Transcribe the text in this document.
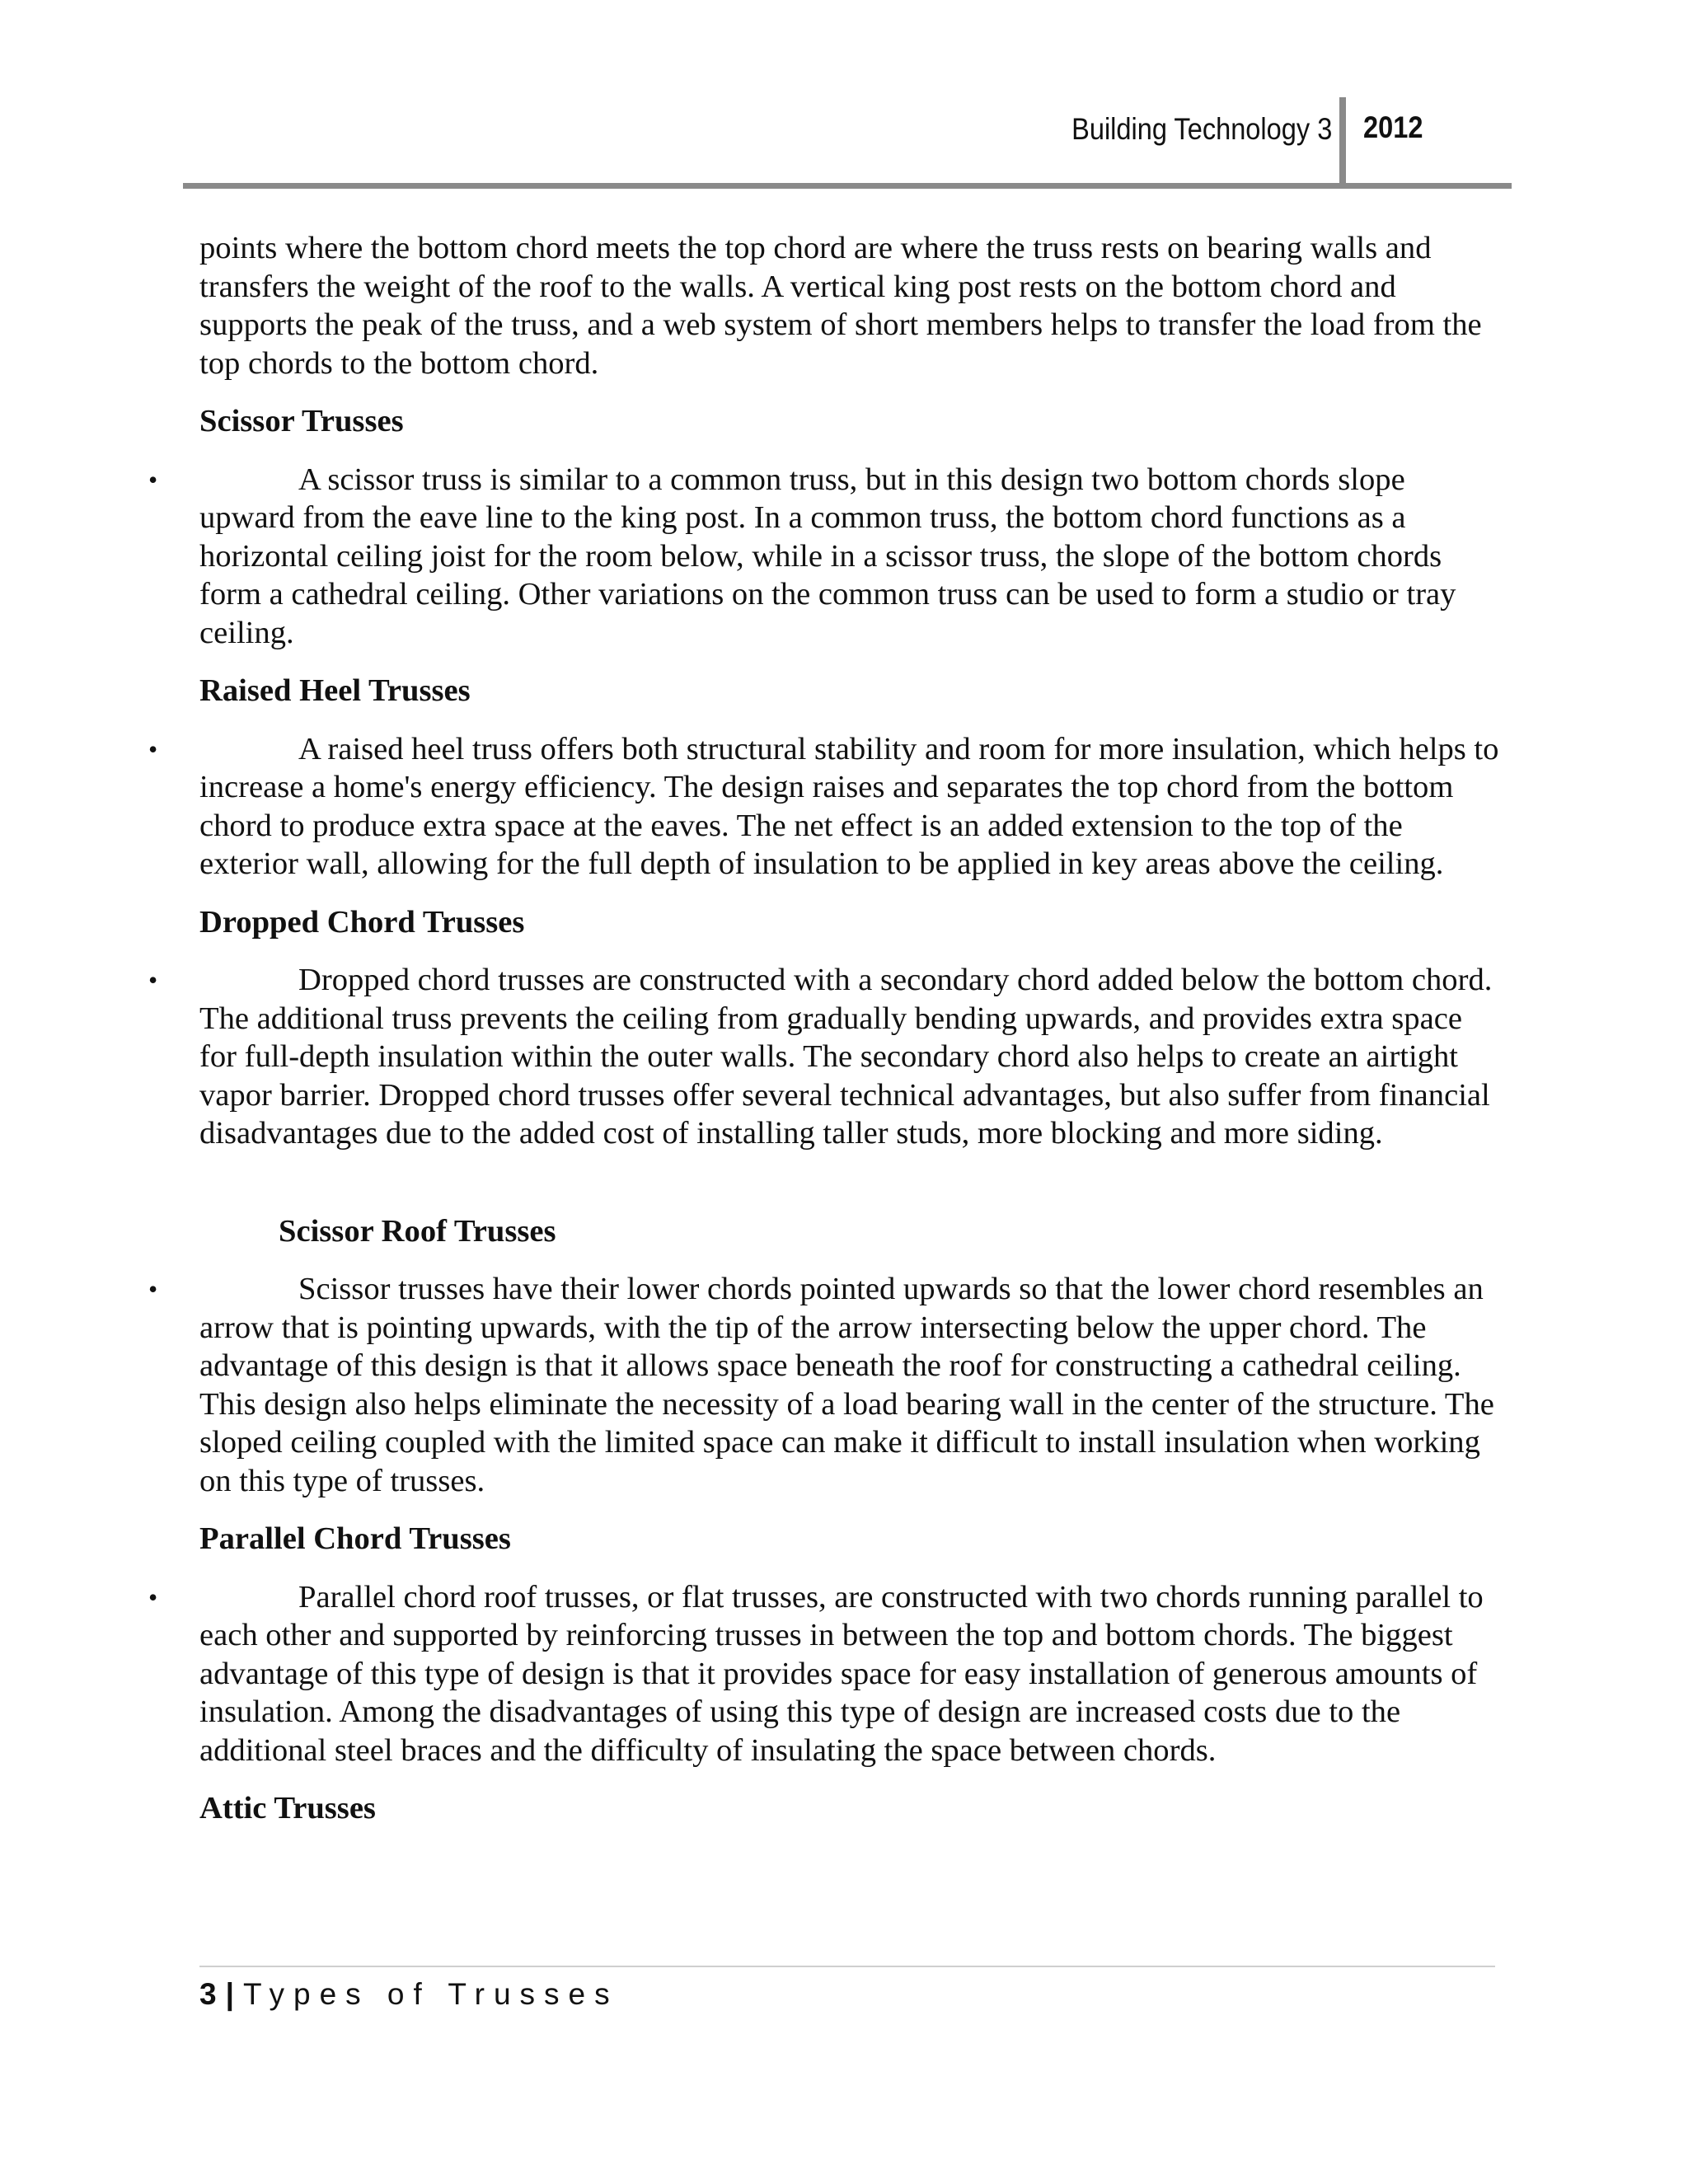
Building Technology 3 2012

points where the bottom chord meets the top chord are where the truss rests on bearing walls and transfers the weight of the roof to the walls. A vertical king post rests on the bottom chord and supports the peak of the truss, and a web system of short members helps to transfer the load from the top chords to the bottom chord.

Scissor Trusses

•	A scissor truss is similar to a common truss, but in this design two bottom chords slope upward from the eave line to the king post. In a common truss, the bottom chord functions as a horizontal ceiling joist for the room below, while in a scissor truss, the slope of the bottom chords form a cathedral ceiling. Other variations on the common truss can be used to form a studio or tray ceiling.

Raised Heel Trusses

•	A raised heel truss offers both structural stability and room for more insulation, which helps to increase a home's energy efficiency. The design raises and separates the top chord from the bottom chord to produce extra space at the eaves. The net effect is an added extension to the top of the exterior wall, allowing for the full depth of insulation to be applied in key areas above the ceiling.

Dropped Chord Trusses

•	Dropped chord trusses are constructed with a secondary chord added below the bottom chord. The additional truss prevents the ceiling from gradually bending upwards, and provides extra space for full-depth insulation within the outer walls. The secondary chord also helps to create an airtight vapor barrier. Dropped chord trusses offer several technical advantages, but also suffer from financial disadvantages due to the added cost of installing taller studs, more blocking and more siding.

Scissor Roof Trusses

•	Scissor trusses have their lower chords pointed upwards so that the lower chord resembles an arrow that is pointing upwards, with the tip of the arrow intersecting below the upper chord. The advantage of this design is that it allows space beneath the roof for constructing a cathedral ceiling. This design also helps eliminate the necessity of a load bearing wall in the center of the structure. The sloped ceiling coupled with the limited space can make it difficult to install insulation when working on this type of trusses.

Parallel Chord Trusses

•	Parallel chord roof trusses, or flat trusses, are constructed with two chords running parallel to each other and supported by reinforcing trusses in between the top and bottom chords. The biggest advantage of this type of design is that it provides space for easy installation of generous amounts of insulation. Among the disadvantages of using this type of design are increased costs due to the additional steel braces and the difficulty of insulating the space between chords.

Attic Trusses

3|Types of Trusses
